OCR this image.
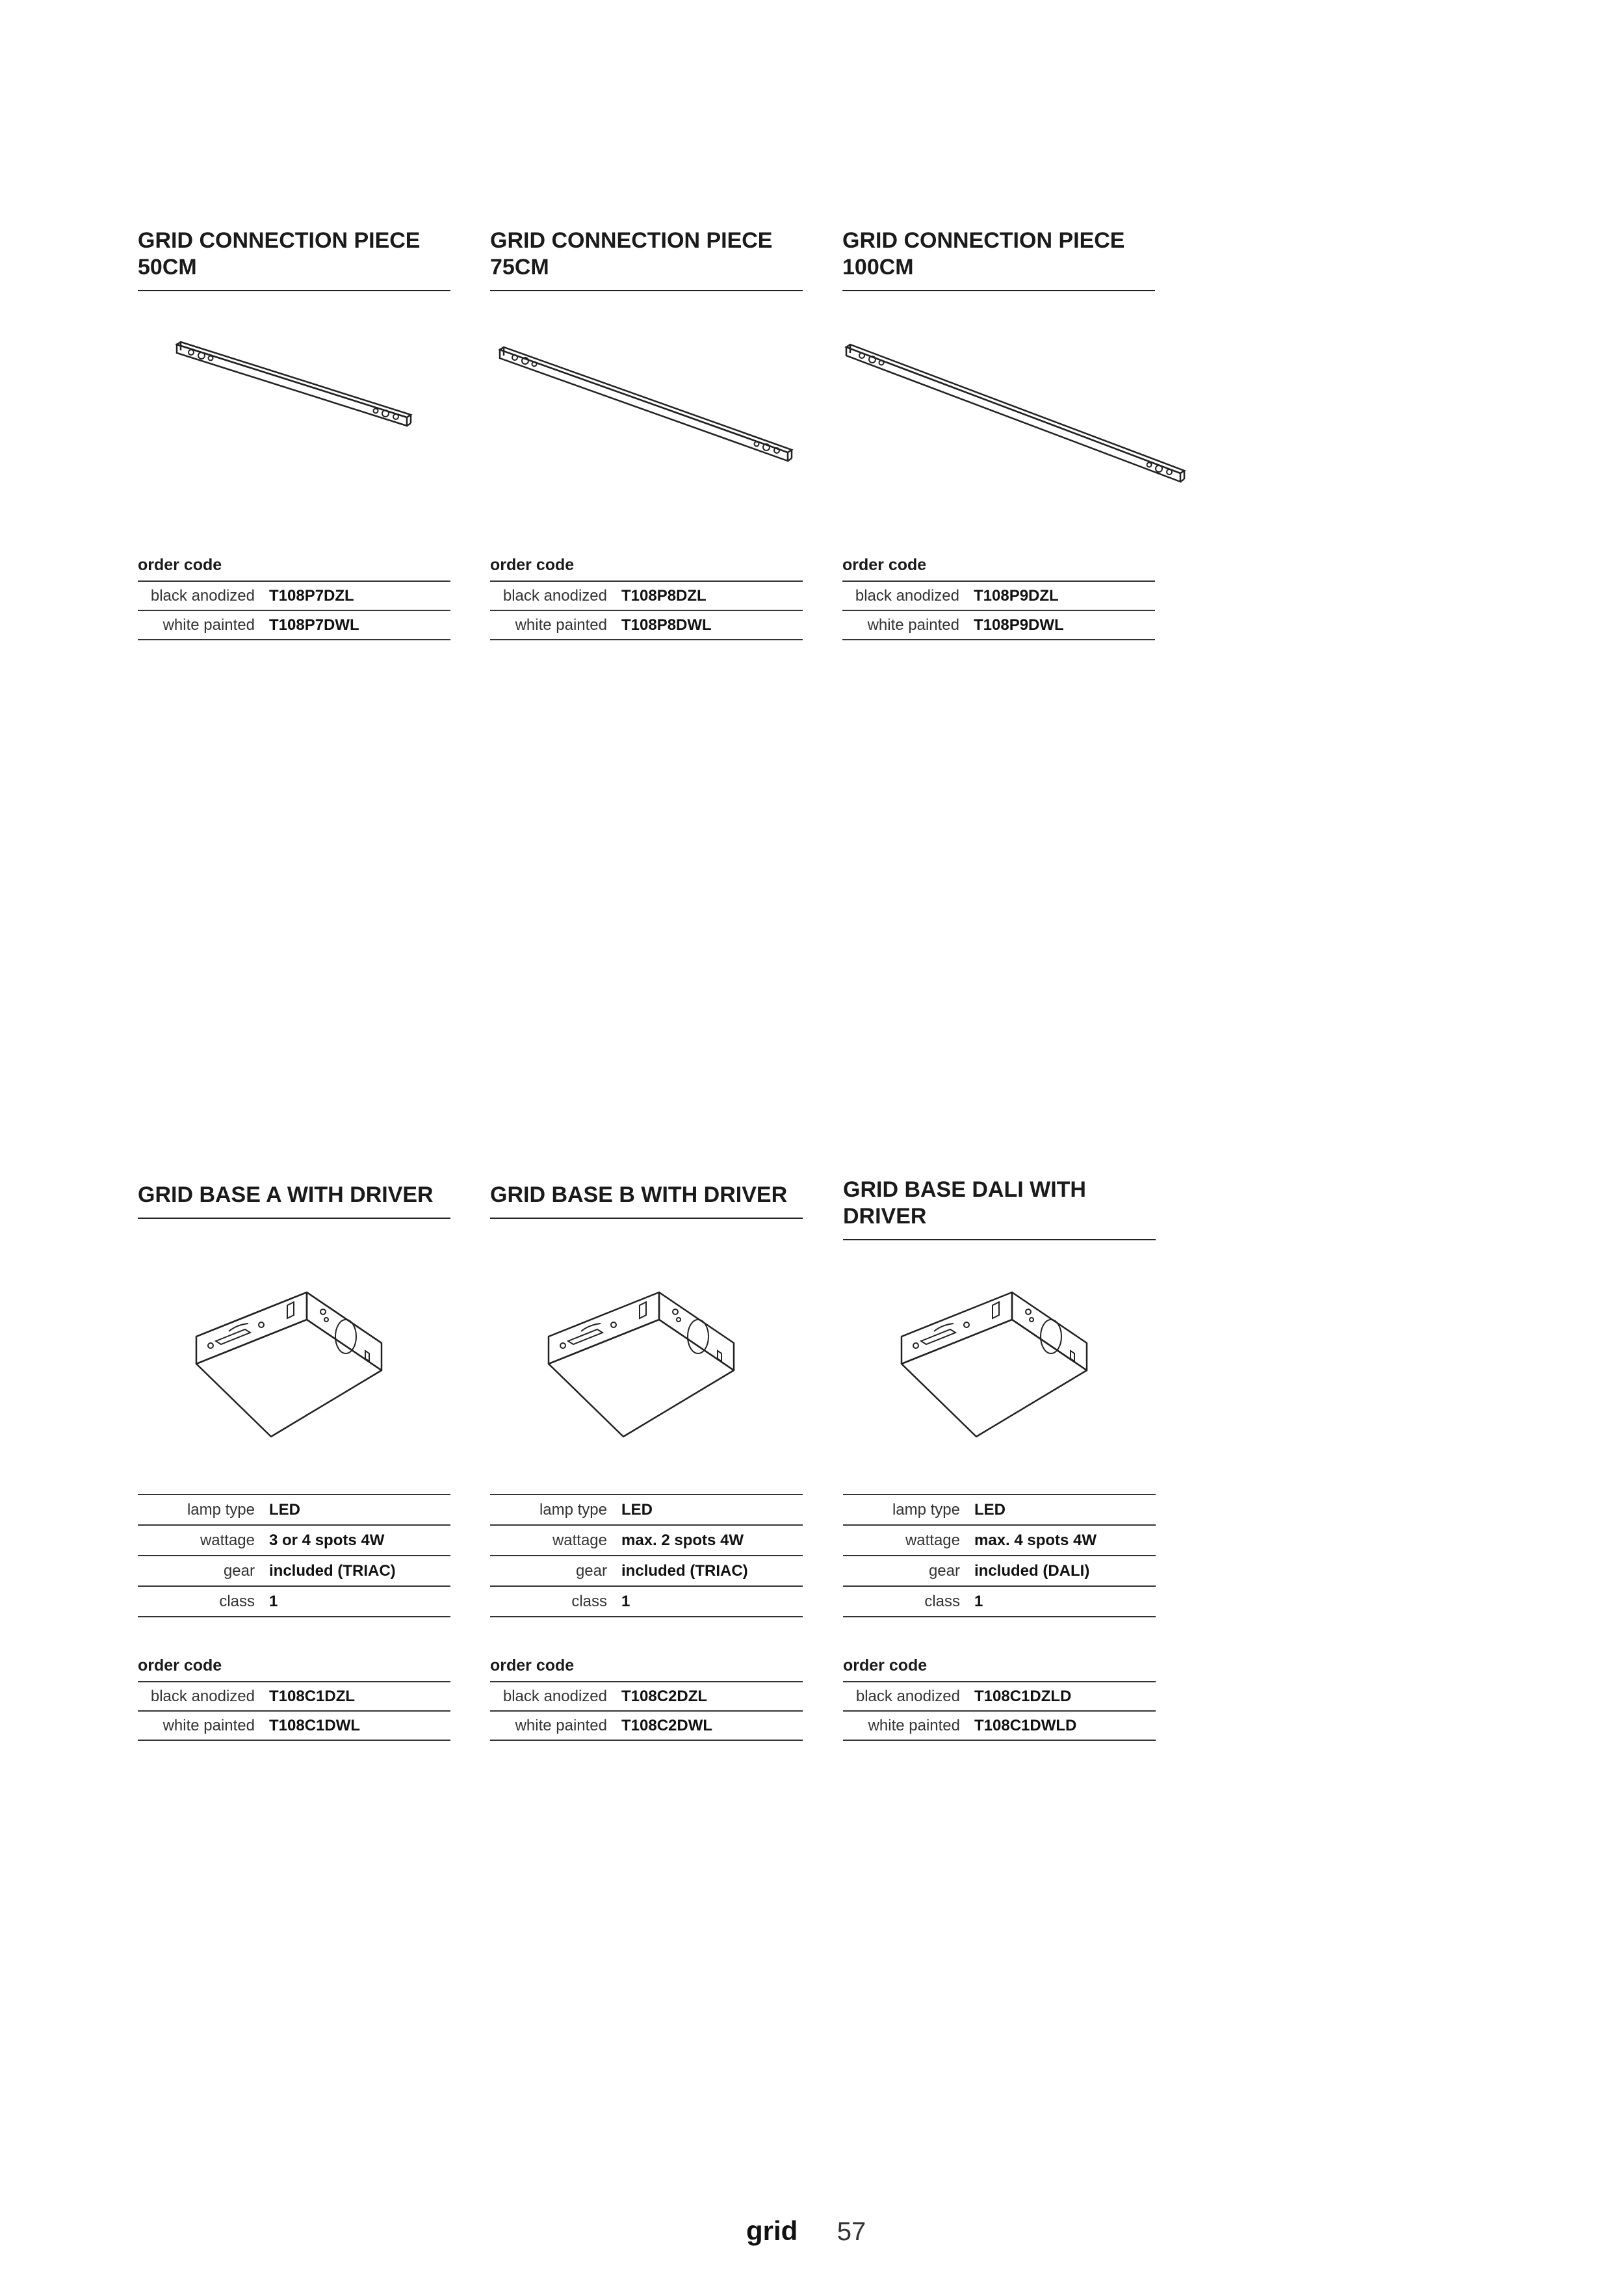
GRID CONNECTION PIECE
50CM
order code
black anodized	T108P7DZL
white painted	T108P7DWL
GRID CONNECTION PIECE
75CM
order code
black anodized	T108P8DZL
white painted	T108P8DWL
GRID CONNECTION PIECE
100CM
order code
black anodized	T108P9DZL
white painted	T108P9DWL
GRID BASE A WITH DRIVER
lamp type	LED
wattage	3 or 4 spots 4W
gear	included (TRIAC)
class	1
order code
black anodized	T108C1DZL
white painted	T108C1DWL
GRID BASE B WITH DRIVER
lamp type	LED
wattage	max. 2 spots 4W
gear	included (TRIAC)
class	1
order code
black anodized	T108C2DZL
white painted	T108C2DWL
GRID BASE DALI WITH
DRIVER
lamp type	LED
wattage	max. 4 spots 4W
gear	included (DALI)
class	1
order code
black anodized	T108C1DZLD
white painted	T108C1DWLD
grid 57
